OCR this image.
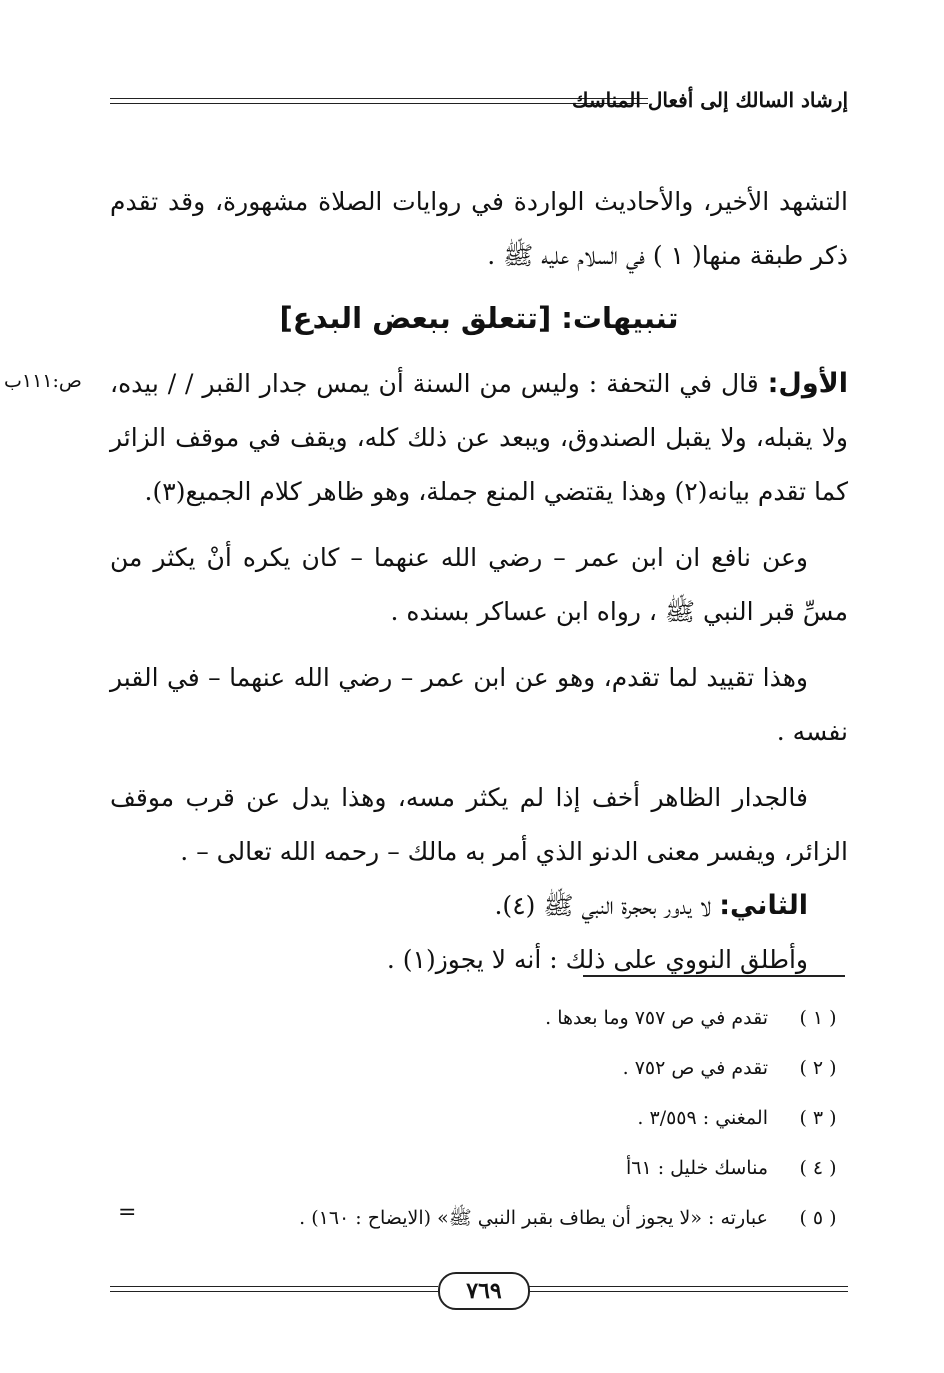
إرشاد السالك إلى أفعال المناسك
ص:١١١ب

التشهد الأخير، والأحاديث الواردة في روايات الصلاة مشهورة، وقد تقدم ذكر طبقة منها( ١ ) في السلام عليه ﷺ .

تنبيهات: [تتعلق ببعض البدع]

الأول: قال في التحفة : وليس من السنة أن يمس جدار القبر / / بيده، ولا يقبله، ولا يقبل الصندوق، ويبعد عن ذلك كله، ويقف في موقف الزائر كما تقدم بيانه(٢) وهذا يقتضي المنع جملة، وهو ظاهر كلام الجميع(٣).

وعن نافع ان ابن عمر – رضي الله عنهما – كان يكره أنْ يكثر من مسِّ قبر النبي ﷺ ، رواه ابن عساكر بسنده .

وهذا تقييد لما تقدم، وهو عن ابن عمر – رضي الله عنهما – في القبر نفسه .

فالجدار الظاهر أخف إذا لم يكثر مسه، وهذا يدل عن قرب موقف الزائر، ويفسر معنى الدنو الذي أمر به مالك – رحمه الله تعالى – .

الثاني: لا يدور بحجرة النبي ﷺ (٤).

وأطلق النووي على ذلك : أنه لا يجوز(١) .

( ١ )
تقدم في ص ٧٥٧ وما بعدها .
( ٢ )
تقدم في ص ٧٥٢ .
( ٣ )
المغني : ٣/٥٥٩ .
( ٤ )
مناسك خليل : ٦١أ
( ٥ )
عبارته : «لا يجوز أن يطاف بقبر النبي ﷺ» (الايضاح : ١٦٠) .
=
٧٦٩
